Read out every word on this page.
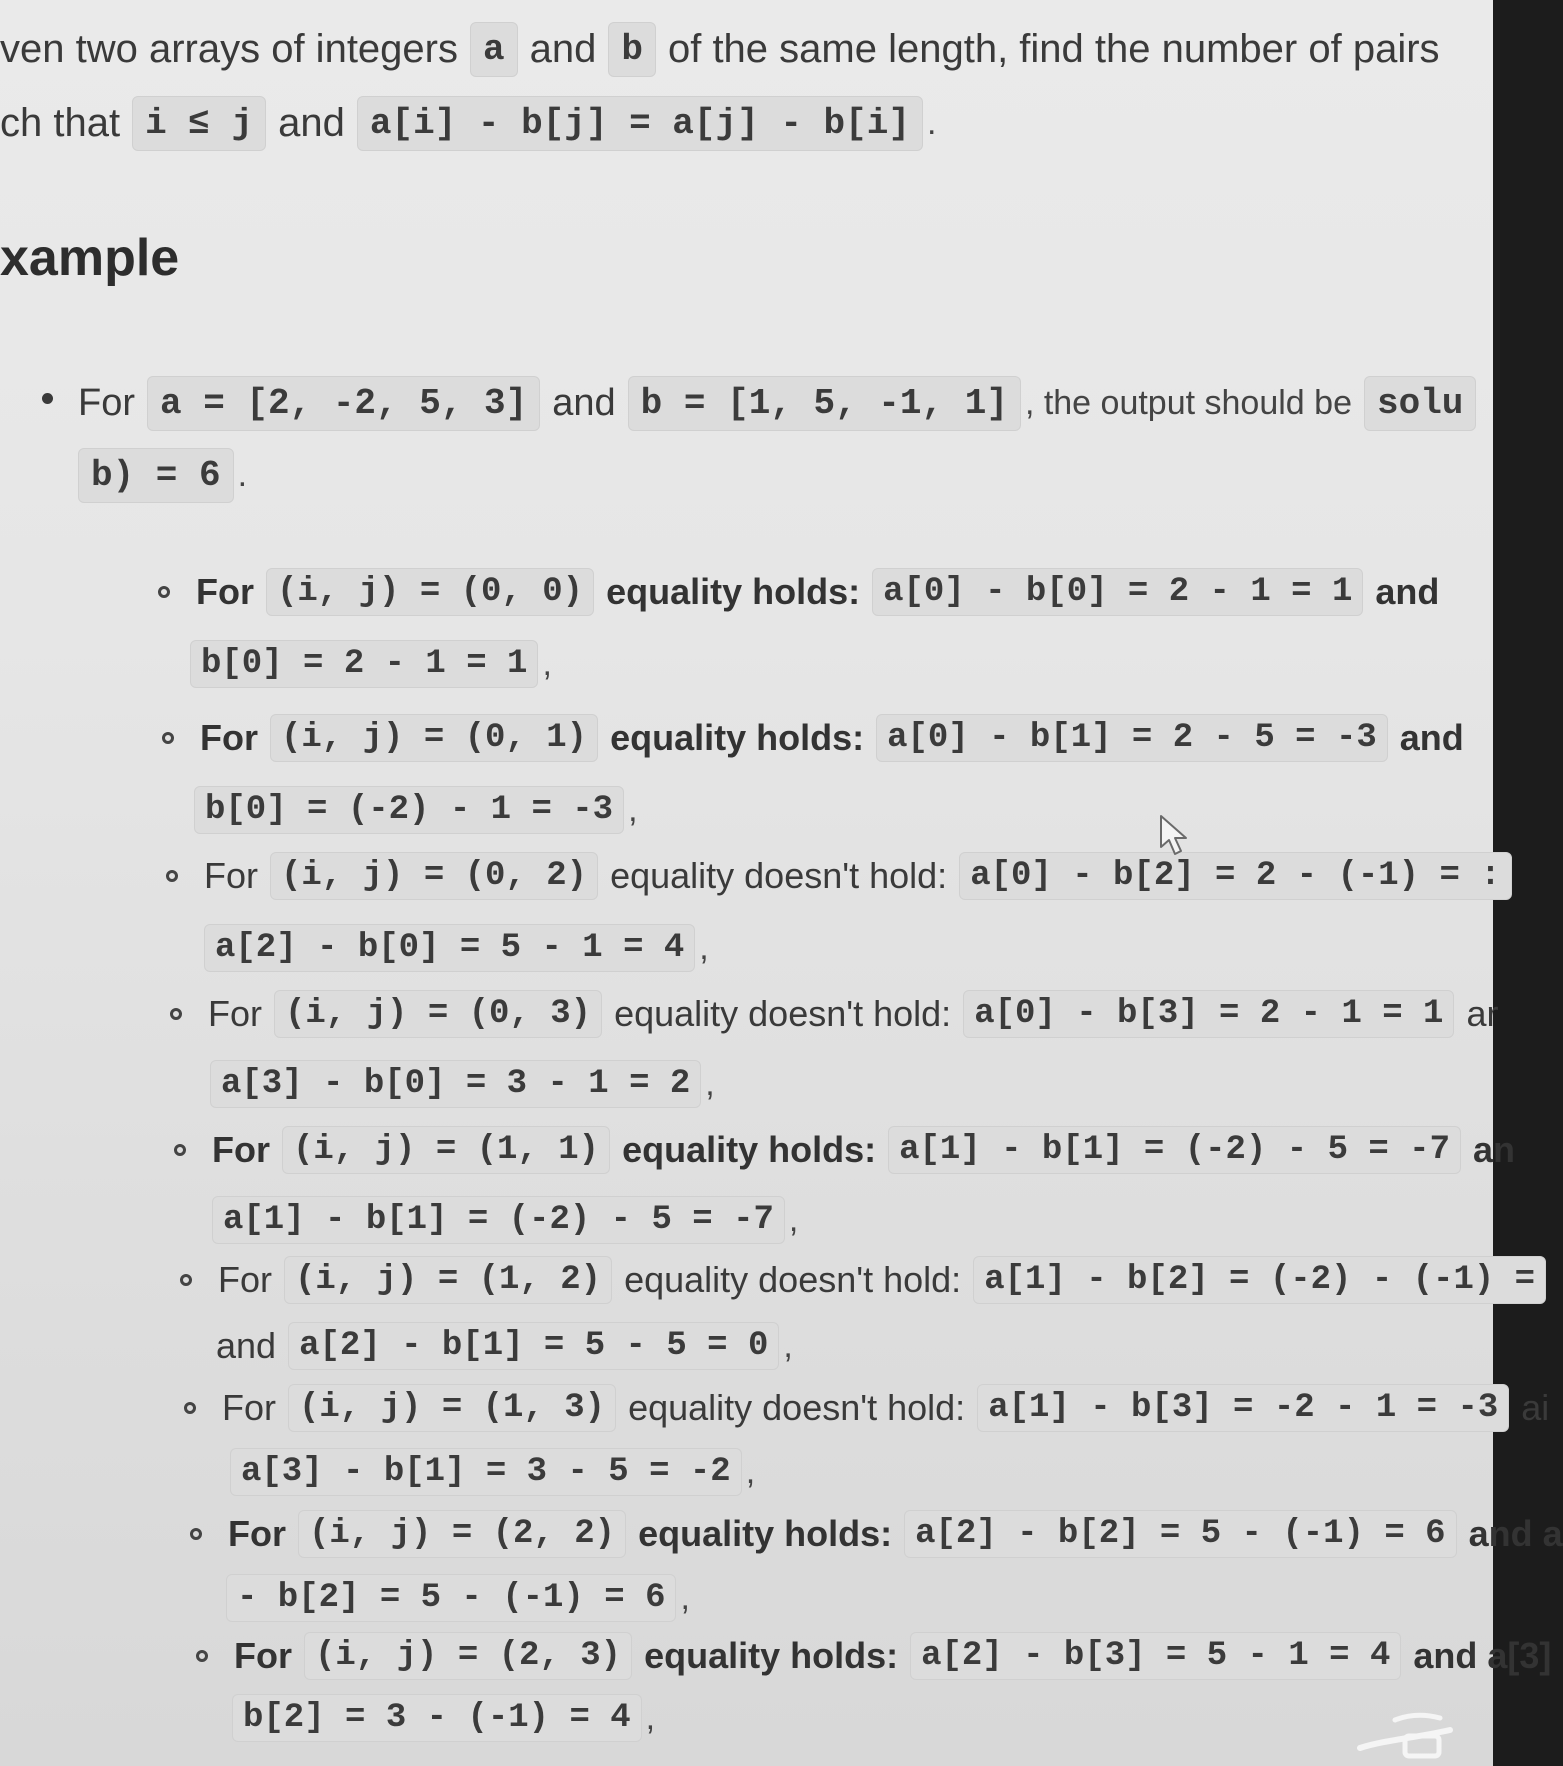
ven two arrays of integers a and b of the same length, find the number of pairs
ch that i ≤ j and a[i] - b[j] = a[j] - b[i] .
xample
For a = [2, -2, 5, 3] and b = [1, 5, -1, 1] , the output should be solu
b) = 6 .
For (i, j) = (0, 0) equality holds: a[0] - b[0] = 2 - 1 = 1 and
b[0] = 2 - 1 = 1 ,
For (i, j) = (0, 1) equality holds: a[0] - b[1] = 2 - 5 = -3 and
b[0] = (-2) - 1 = -3 ,
For (i, j) = (0, 2) equality doesn't hold: a[0] - b[2] = 2 - (-1) = :
a[2] - b[0] = 5 - 1 = 4 ,
For (i, j) = (0, 3) equality doesn't hold: a[0] - b[3] = 2 - 1 = 1 ar
a[3] - b[0] = 3 - 1 = 2 ,
For (i, j) = (1, 1) equality holds: a[1] - b[1] = (-2) - 5 = -7 an
a[1] - b[1] = (-2) - 5 = -7 ,
For (i, j) = (1, 2) equality doesn't hold: a[1] - b[2] = (-2) - (-1) =
and a[2] - b[1] = 5 - 5 = 0 ,
For (i, j) = (1, 3) equality doesn't hold: a[1] - b[3] = -2 - 1 = -3 ai
a[3] - b[1] = 3 - 5 = -2 ,
For (i, j) = (2, 2) equality holds: a[2] - b[2] = 5 - (-1) = 6 and a
- b[2] = 5 - (-1) = 6 ,
For (i, j) = (2, 3) equality holds: a[2] - b[3] = 5 - 1 = 4 and a[3]
b[2] = 3 - (-1) = 4 ,
